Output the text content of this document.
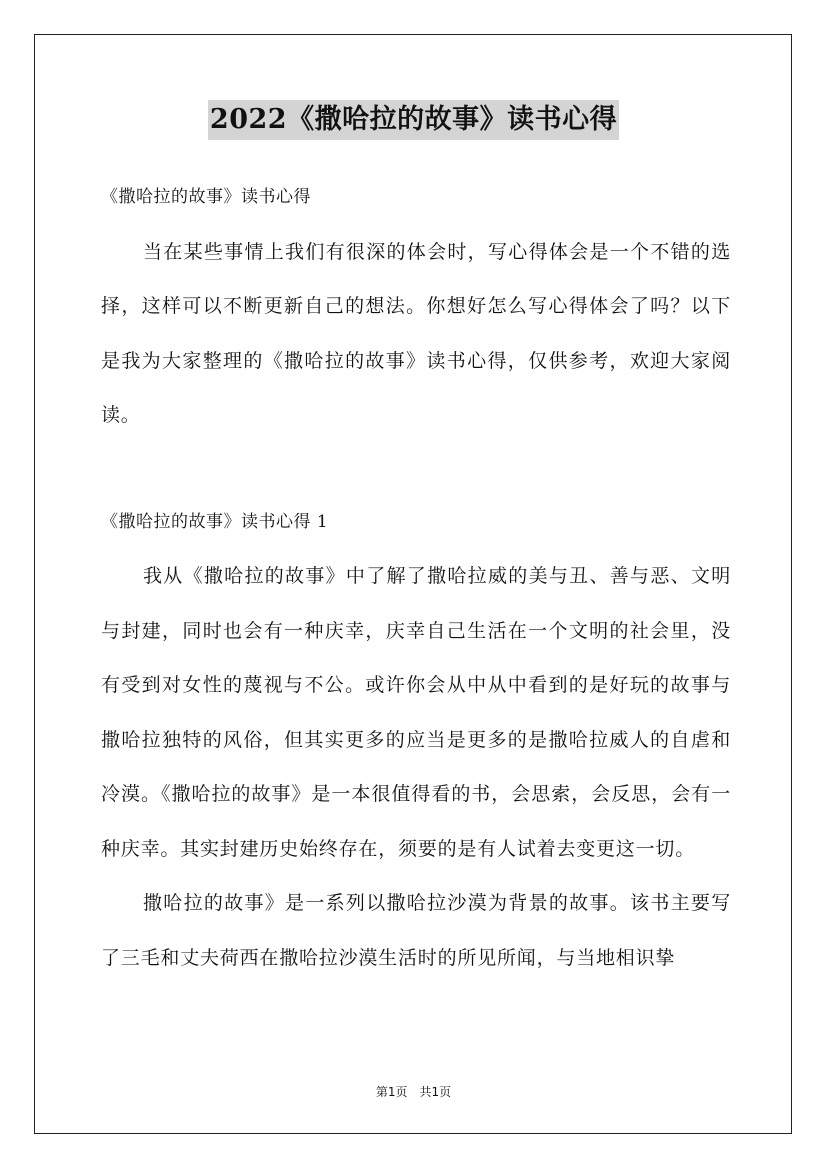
2022《撒哈拉的故事》读书心得

《撒哈拉的故事》读书心得

当在某些事情上我们有很深的体会时，写心得体会是一个不错的选择，这样可以不断更新自己的想法。你想好怎么写心得体会了吗？以下是我为大家整理的《撒哈拉的故事》读书心得，仅供参考，欢迎大家阅读。

《撒哈拉的故事》读书心得 1

我从《撒哈拉的故事》中了解了撒哈拉威的美与丑、善与恶、文明与封建，同时也会有一种庆幸，庆幸自己生活在一个文明的社会里，没有受到对女性的蔑视与不公。或许你会从中从中看到的是好玩的故事与撒哈拉独特的风俗，但其实更多的应当是更多的是撒哈拉威人的自虐和冷漠。《撒哈拉的故事》是一本很值得看的书，会思索，会反思，会有一种庆幸。其实封建历史始终存在，须要的是有人试着去变更这一切。

撒哈拉的故事》是一系列以撒哈拉沙漠为背景的故事。该书主要写了三毛和丈夫荷西在撒哈拉沙漠生活时的所见所闻，与当地相识挚

第1页　共1页
